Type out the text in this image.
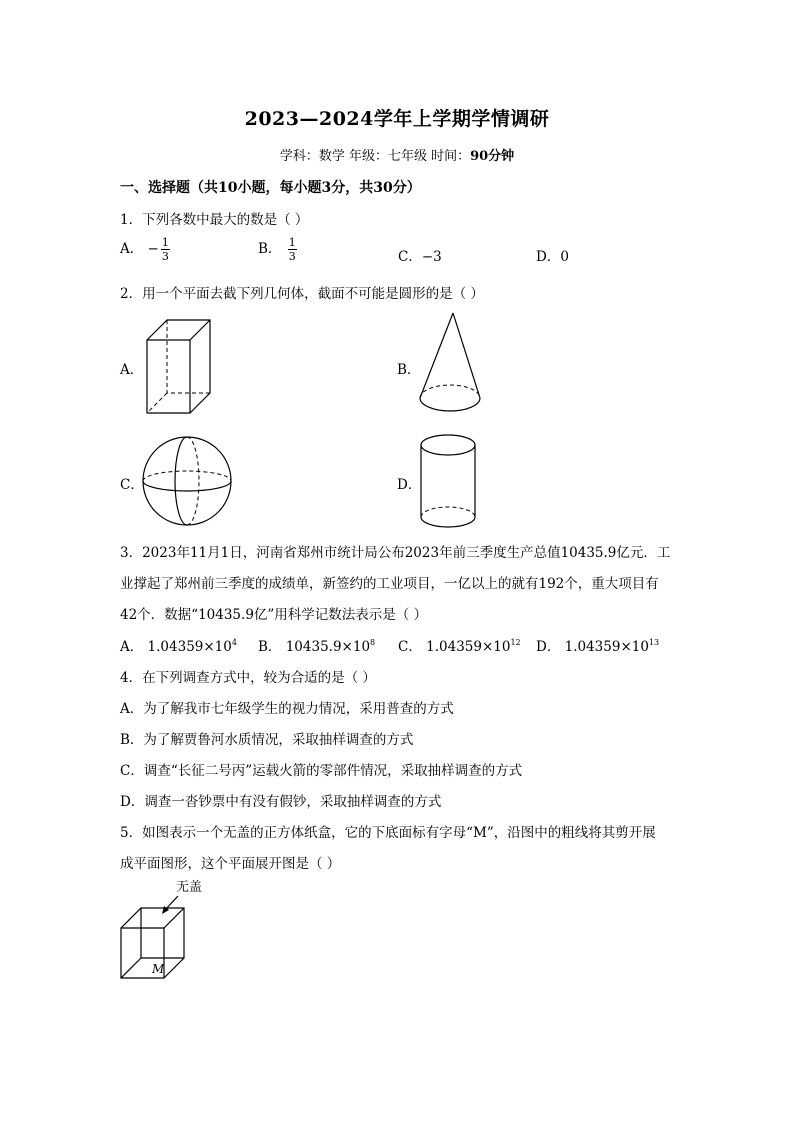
2023—2024学年上学期学情调研
学科：数学 年级：七年级 时间：90分钟
一、选择题（共10小题，每小题3分，共30分）
1．下列各数中最大的数是（ ）
A． − $\frac{1}{3}$	B． $\frac{1}{3}$	C．−3	D．0
2．用一个平面去截下列几何体，截面不可能是圆形的是（ ）
A．	B．
C．	D．
3．2023年11月1日，河南省郑州市统计局公布2023年前三季度生产总值10435.9亿元．工
业撑起了郑州前三季度的成绩单，新签约的工业项目，一亿以上的就有192个，重大项目有
42个．数据“10435.9亿”用科学记数法表示是（ ）
A． $1.04359\times 10^4$ B． $10435.9\times 10^8$ C． $1.04359\times 10^{12}$ D． $1.04359\times 10^{13}$
4．在下列调查方式中，较为合适的是（ ）
A．为了解我市七年级学生的视力情况，采用普查的方式
B．为了解贾鲁河水质情况，采取抽样调查的方式
C．调查“长征二号丙”运载火箭的零部件情况，采取抽样调查的方式
D．调查一沓钞票中有没有假钞，采取抽样调查的方式
5．如图表示一个无盖的正方体纸盒，它的下底面标有字母“M”，沿图中的粗线将其剪开展
成平面图形，这个平面展开图是（ ）
无盖
M
